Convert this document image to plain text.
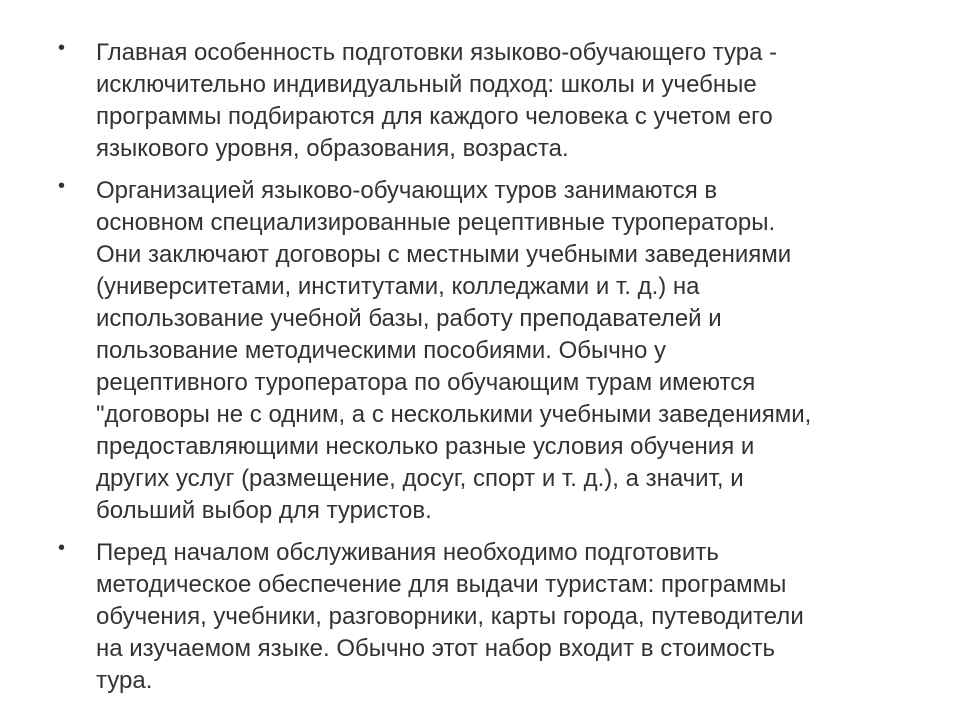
• Главная особенность подготовки языково-обучающего тура -
исключительно индивидуальный подход: школы и учебные
программы подбираются для каждого человека с учетом его
языкового уровня, образования, возраста.
• Организацией языково-обучающих туров занимаются в
основном специализированные рецептивные туроператоры.
Они заключают договоры с местными учебными заведениями
(университетами, институтами, колледжами и т. д.) на
использование учебной базы, работу преподавателей и
пользование методическими пособиями. Обычно у
рецептивного туроператора по обучающим турам имеются
"договоры не с одним, а с несколькими учебными заведениями,
предоставляющими несколько разные условия обучения и
других услуг (размещение, досуг, спорт и т. д.), а значит, и
больший выбор для туристов.
• Перед началом обслуживания необходимо подготовить
методическое обеспечение для выдачи туристам: программы
обучения, учебники, разговорники, карты города, путеводители
на изучаемом языке. Обычно этот набор входит в стоимость
тура.
